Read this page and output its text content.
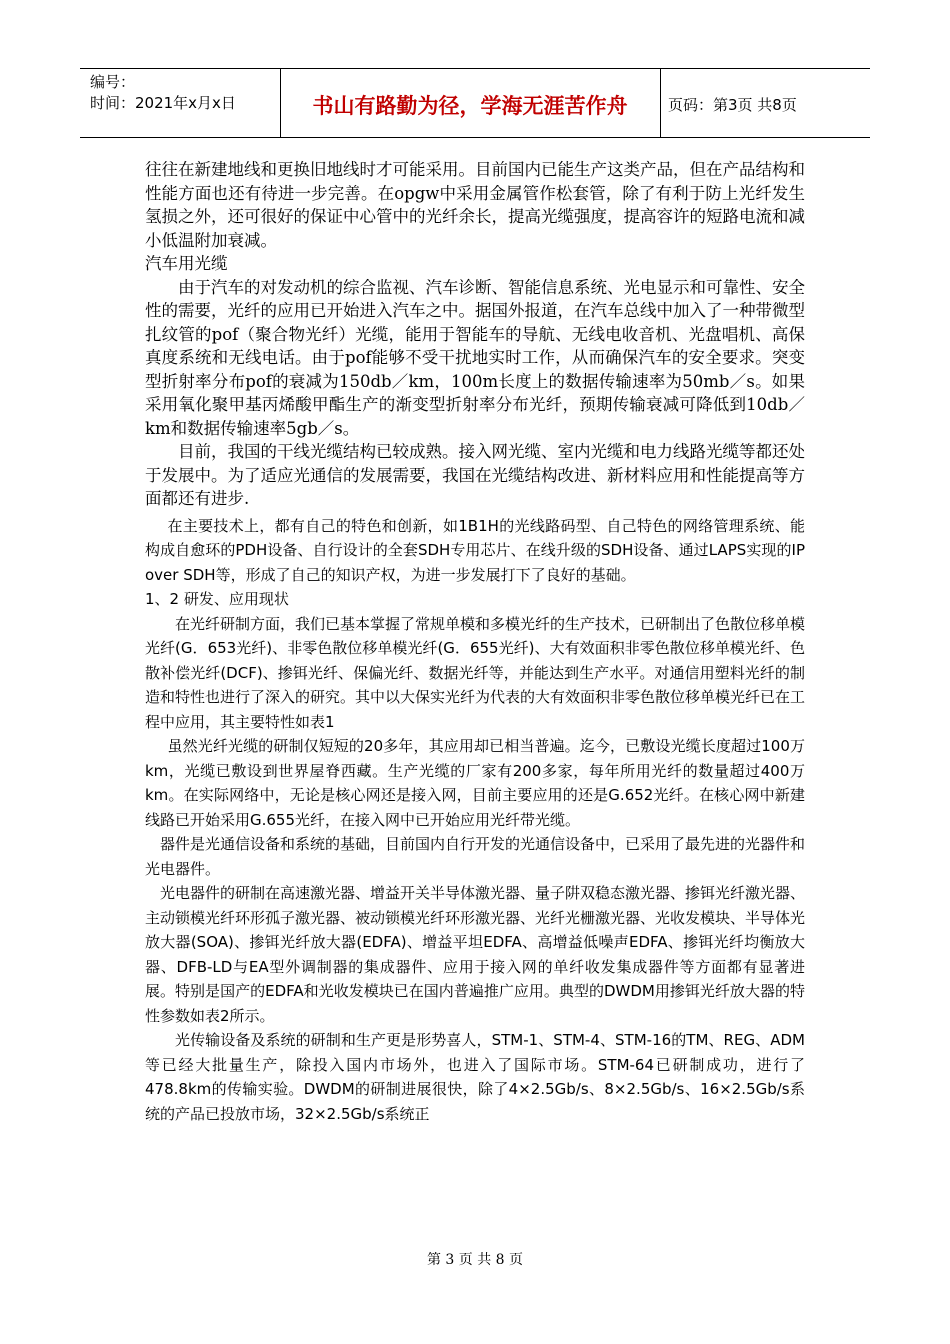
编号：
时间：2021年x月x日	书山有路勤为径，学海无涯苦作舟	页码：第3页 共8页

往往在新建地线和更换旧地线时才可能采用。目前国内已能生产这类产品，但在产品结构和性能方面也还有待进一步完善。在opgw中采用金属管作松套管，除了有利于防上光纤发生氢损之外，还可很好的保证中心管中的光纤余长，提高光缆强度，提高容许的短路电流和减小低温附加衰减。

汽车用光缆

由于汽车的对发动机的综合监视、汽车诊断、智能信息系统、光电显示和可靠性、安全性的需要，光纤的应用已开始进入汽车之中。据国外报道，在汽车总线中加入了一种带微型扎纹管的pof（聚合物光纤）光缆，能用于智能车的导航、无线电收音机、光盘唱机、高保真度系统和无线电话。由于pof能够不受干扰地实时工作，从而确保汽车的安全要求。突变型折射率分布pof的衰减为150db／km，100m长度上的数据传输速率为50mb／s。如果采用氧化聚甲基丙烯酸甲酯生产的渐变型折射率分布光纤，预期传输衰减可降低到10db／km和数据传输速率5gb／s。

目前，我国的干线光缆结构已较成熟。接入网光缆、室内光缆和电力线路光缆等都还处于发展中。为了适应光通信的发展需要，我国在光缆结构改进、新材料应用和性能提高等方面都还有进步.

在主要技术上，都有自己的特色和创新，如1B1H的光线路码型、自己特色的网络管理系统、能构成自愈环的PDH设备、自行设计的全套SDH专用芯片、在线升级的SDH设备、通过LAPS实现的IP over SDH等，形成了自己的知识产权，为进一步发展打下了良好的基础。

1、2 研发、应用现状

在光纤研制方面，我们已基本掌握了常规单模和多模光纤的生产技术，已研制出了色散位移单模光纤(G．653光纤)、非零色散位移单模光纤(G．655光纤)、大有效面积非零色散位移单模光纤、色散补偿光纤(DCF)、掺铒光纤、保偏光纤、数据光纤等，并能达到生产水平。对通信用塑料光纤的制造和特性也进行了深入的研究。其中以大保实光纤为代表的大有效面积非零色散位移单模光纤已在工程中应用，其主要特性如表1

虽然光纤光缆的研制仅短短的20多年，其应用却已相当普遍。迄今，已敷设光缆长度超过100万km，光缆已敷设到世界屋脊西藏。生产光缆的厂家有200多家，每年所用光纤的数量超过400万km。在实际网络中，无论是核心网还是接入网，目前主要应用的还是G.652光纤。在核心网中新建线路已开始采用G.655光纤，在接入网中已开始应用光纤带光缆。

器件是光通信设备和系统的基础，目前国内自行开发的光通信设备中，已采用了最先进的光器件和光电器件。

光电器件的研制在高速激光器、增益开关半导体激光器、量子阱双稳态激光器、掺铒光纤激光器、主动锁模光纤环形孤子激光器、被动锁模光纤环形激光器、光纤光栅激光器、光收发模块、半导体光放大器(SOA)、掺铒光纤放大器(EDFA)、增益平坦EDFA、高增益低噪声EDFA、掺铒光纤均衡放大器、DFB-LD与EA型外调制器的集成器件、应用于接入网的单纤收发集成器件等方面都有显著进展。特别是国产的EDFA和光收发模块已在国内普遍推广应用。典型的DWDM用掺铒光纤放大器的特性参数如表2所示。

光传输设备及系统的研制和生产更是形势喜人，STM-1、STM-4、STM-16的TM、REG、ADM等已经大批量生产，除投入国内市场外，也进入了国际市场。STM-64已研制成功，进行了478.8km的传输实验。DWDM的研制进展很快，除了4×2.5Gb/s、8×2.5Gb/s、16×2.5Gb/s系统的产品已投放市场，32×2.5Gb/s系统正

第 3 页 共 8 页
